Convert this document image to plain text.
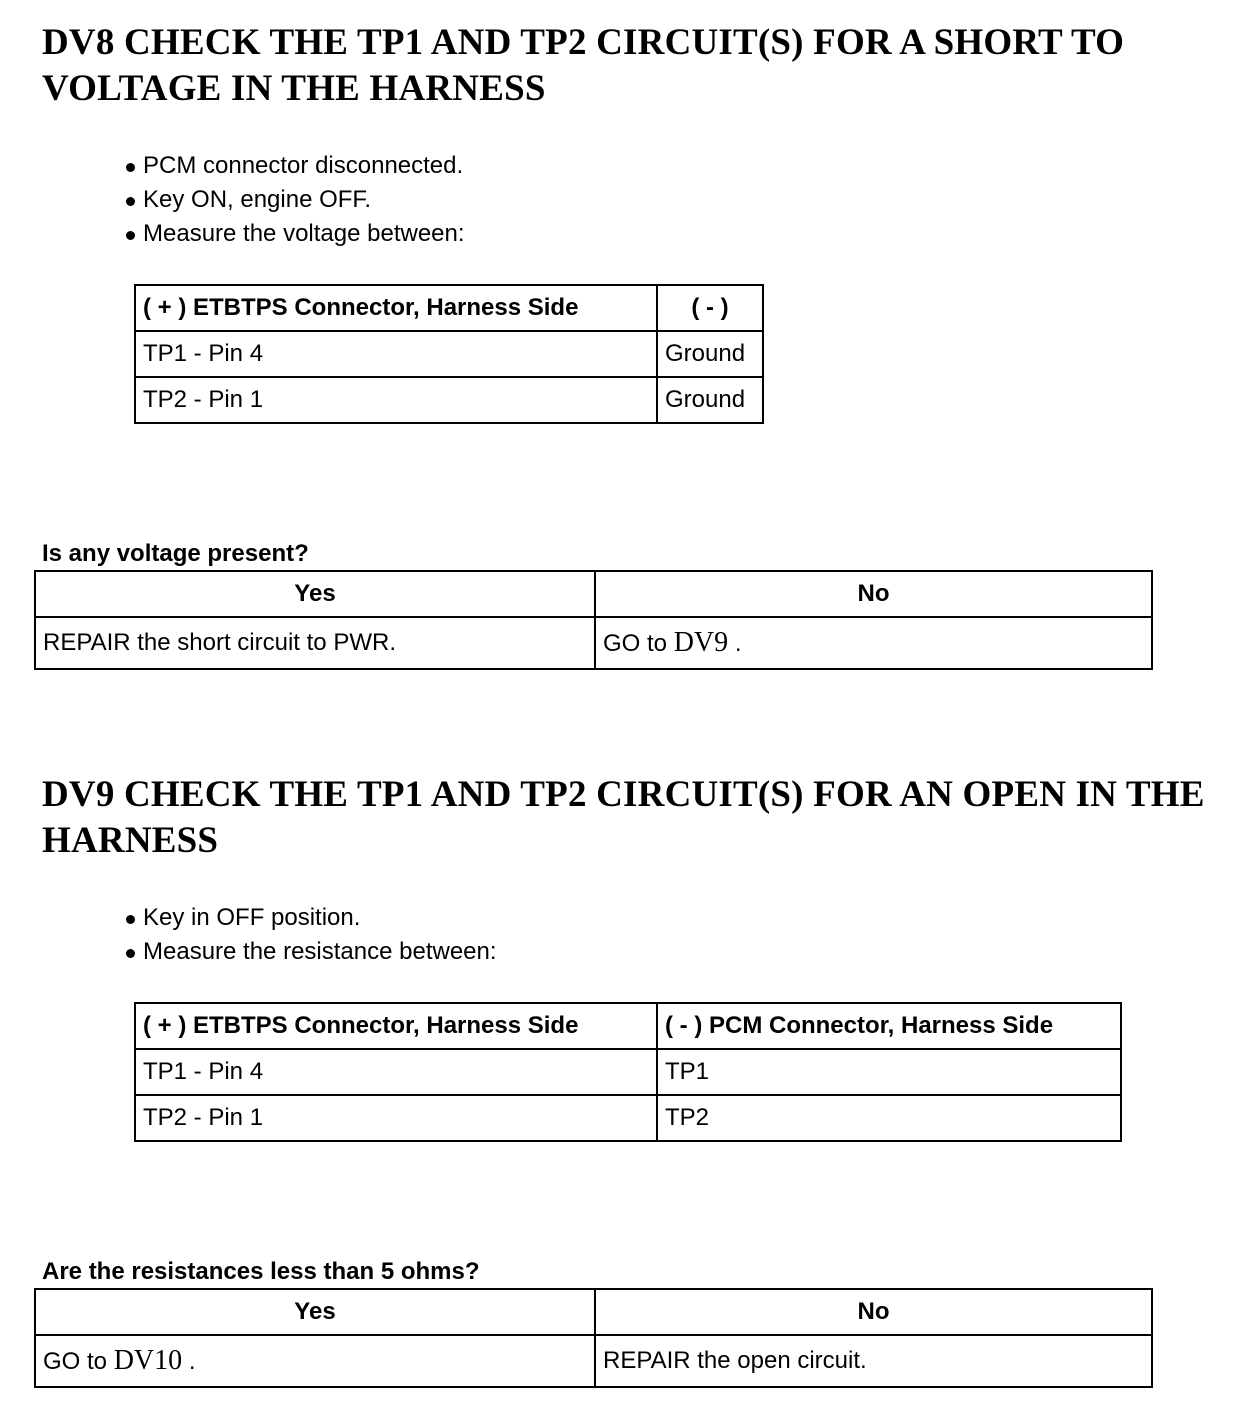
DV8 CHECK THE TP1 AND TP2 CIRCUIT(S) FOR A SHORT TO VOLTAGE IN THE HARNESS
PCM connector disconnected.
Key ON, engine OFF.
Measure the voltage between:
( + ) ETBTPS Connector, Harness Side	( - )
TP1 - Pin 4	Ground
TP2 - Pin 1	Ground

Is any voltage present?

Yes	No
REPAIR the short circuit to PWR.	GO to DV9 .
DV9 CHECK THE TP1 AND TP2 CIRCUIT(S) FOR AN OPEN IN THE HARNESS
Key in OFF position.
Measure the resistance between:
( + ) ETBTPS Connector, Harness Side	( - ) PCM Connector, Harness Side
TP1 - Pin 4	TP1
TP2 - Pin 1	TP2

Are the resistances less than 5 ohms?

Yes	No
GO to DV10 .	REPAIR the open circuit.
